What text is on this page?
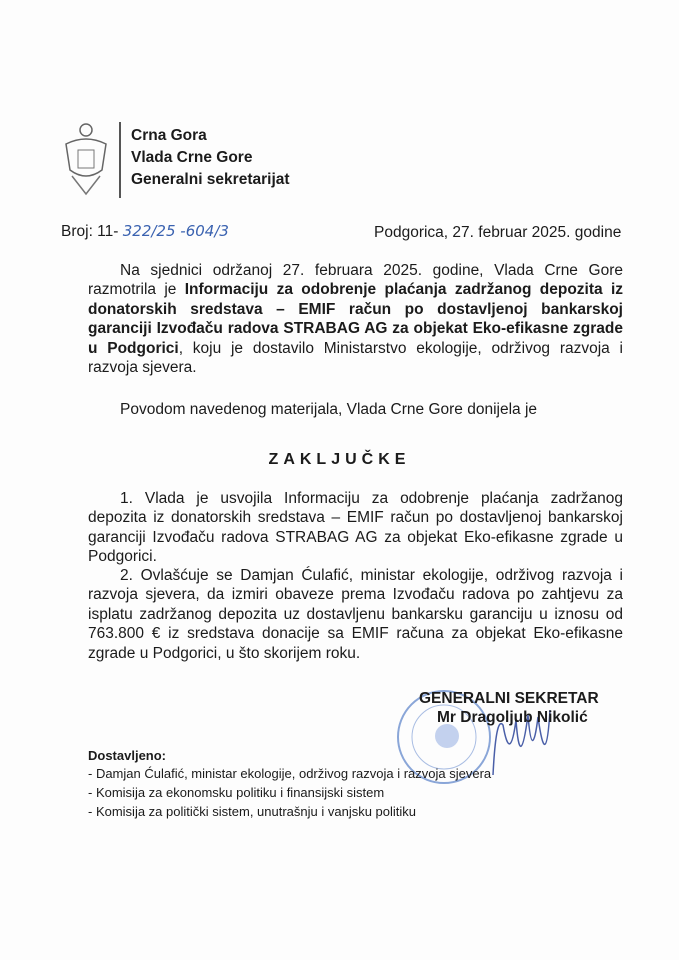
Crna Gora
Vlada Crne Gore
Generalni sekretarijat
Broj: 11- 322/25 -604/3	Podgorica, 27. februar 2025. godine
Na sjednici održanoj 27. februara 2025. godine, Vlada Crne Gore razmotrila je Informaciju za odobrenje plaćanja zadržanog depozita iz donatorskih sredstava – EMIF račun po dostavljenoj bankarskoj garanciji Izvođaču radova STRABAG AG za objekat Eko-efikasne zgrade u Podgorici, koju je dostavilo Ministarstvo ekologije, održivog razvoja i razvoja sjevera.
Povodom navedenog materijala, Vlada Crne Gore donijela je
ZAKLJUČKE
1. Vlada je usvojila Informaciju za odobrenje plaćanja zadržanog depozita iz donatorskih sredstava – EMIF račun po dostavljenoj bankarskoj garanciji Izvođaču radova STRABAG AG za objekat Eko-efikasne zgrade u Podgorici.
2. Ovlašćuje se Damjan Ćulafić, ministar ekologije, održivog razvoja i razvoja sjevera, da izmiri obaveze prema Izvođaču radova po zahtjevu za isplatu zadržanog depozita uz dostavljenu bankarsku garanciju u iznosu od 763.800 € iz sredstava donacije sa EMIF računa za objekat Eko-efikasne zgrade u Podgorici, u što skorijem roku.
GENERALNI SEKRETAR
Mr Dragoljub Nikolić
Dostavljeno:
- Damjan Ćulafić, ministar ekologije, održivog razvoja i razvoja sjevera
- Komisija za ekonomsku politiku i finansijski sistem
- Komisija za politički sistem, unutrašnju i vanjsku politiku
